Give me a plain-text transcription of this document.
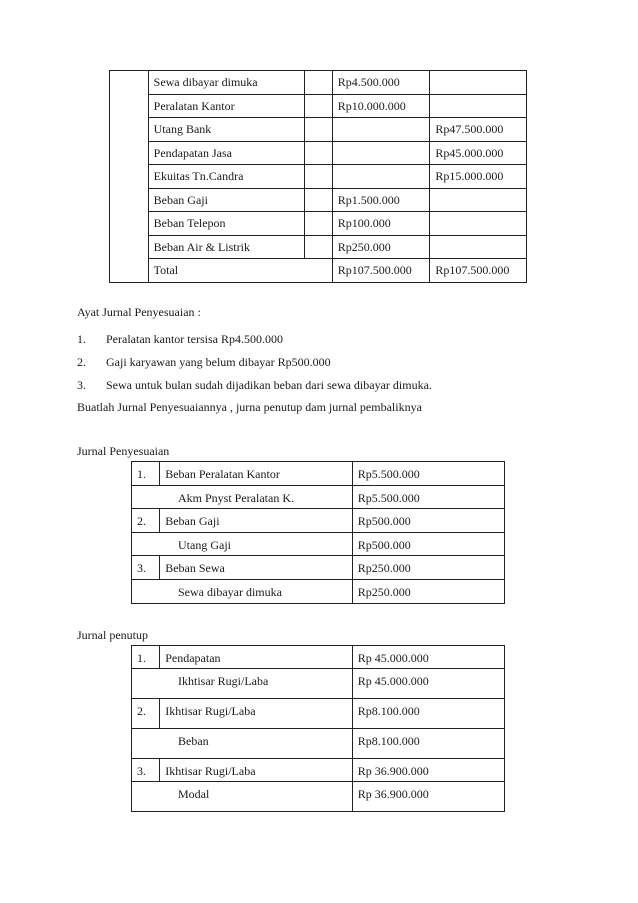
	Sewa dibayar dimuka		Rp4.500.000	
	Peralatan Kantor		Rp10.000.000	
	Utang Bank			Rp47.500.000
	Pendapatan Jasa			Rp45.000.000
	Ekuitas Tn.Candra			Rp15.000.000
	Beban Gaji		Rp1.500.000	
	Beban Telepon		Rp100.000	
	Beban Air & Listrik		Rp250.000	
	Total		Rp107.500.000	Rp107.500.000
Ayat Jurnal Penyesuaian :
1. Peralatan kantor tersisa Rp4.500.000
2. Gaji karyawan yang belum dibayar Rp500.000
3. Sewa untuk bulan sudah dijadikan beban dari sewa dibayar dimuka.
Buatlah Jurnal Penyesuaiannya , jurna penutup dam jurnal pembaliknya
Jurnal Penyesuaian
1.	Beban Peralatan Kantor	Rp5.500.000
Akm Pnyst Peralatan K.		Rp5.500.000
2.	Beban Gaji	Rp500.000
Utang Gaji		Rp500.000
3.	Beban Sewa	Rp250.000
Sewa dibayar dimuka		Rp250.000
Jurnal penutup
1.	Pendapatan	Rp 45.000.000
Ikhtisar Rugi/Laba		Rp 45.000.000
2.	Ikhtisar Rugi/Laba	Rp8.100.000
Beban		Rp8.100.000
3.	Ikhtisar Rugi/Laba	Rp 36.900.000
Modal		Rp 36.900.000
